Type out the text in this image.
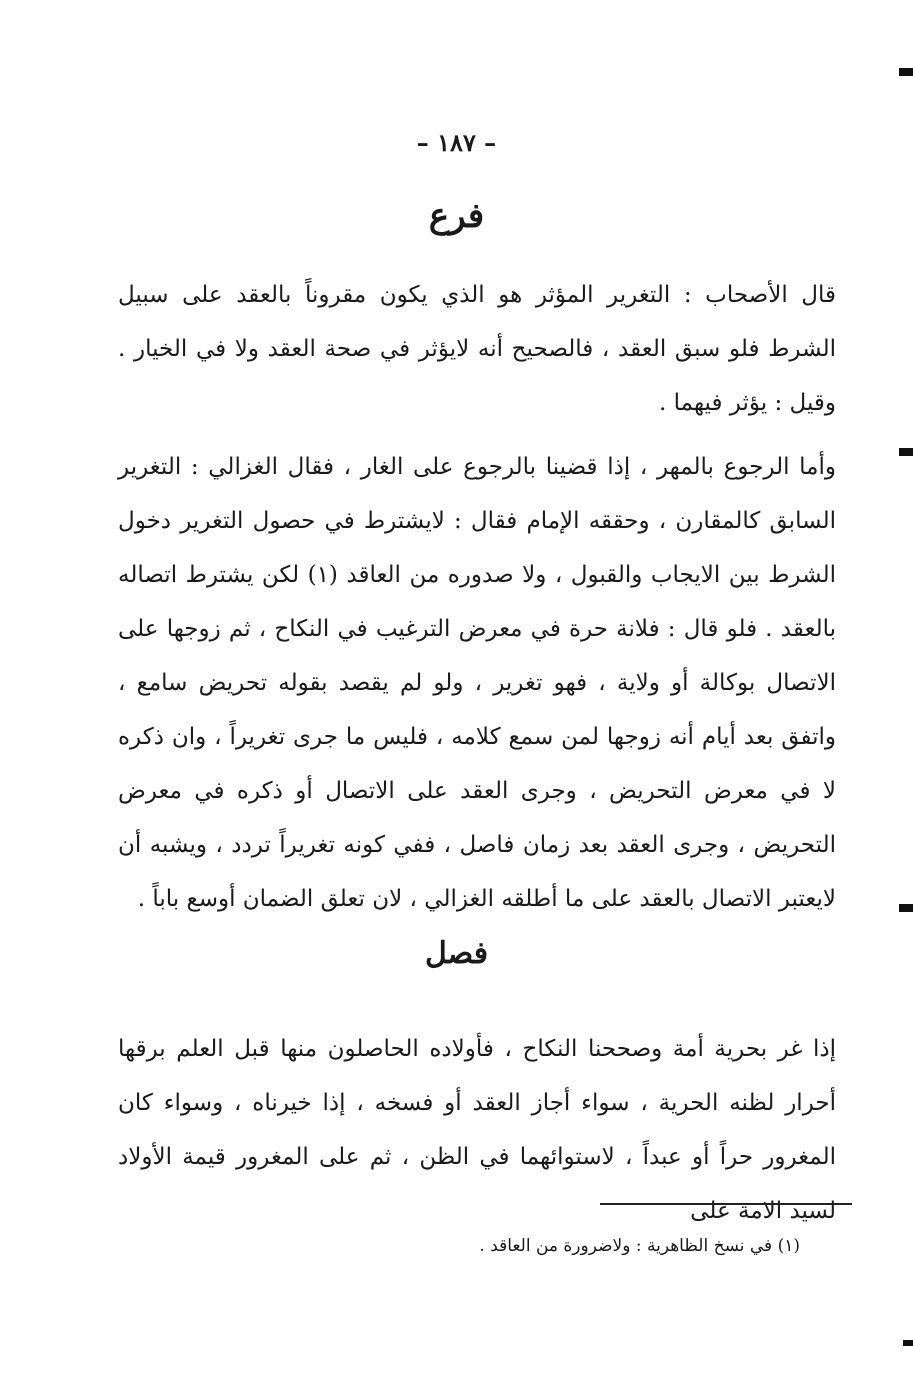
– ١٨٧ –
فرع
قال الأصحاب : التغرير المؤثر هو الذي يكون مقروناً بالعقد على سبيل الشرط فلو سبق العقد ، فالصحيح أنه لايؤثر في صحة العقد ولا في الخيار . وقيل : يؤثر فيهما .
وأما الرجوع بالمهر ، إذا قضينا بالرجوع على الغار ، فقال الغزالي : التغرير السابق كالمقارن ، وحققه الإمام فقال : لايشترط في حصول التغرير دخول الشرط بين الايجاب والقبول ، ولا صدوره من العاقد (١) لكن يشترط اتصاله بالعقد . فلو قال : فلانة حرة في معرض الترغيب في النكاح ، ثم زوجها على الاتصال بوكالة أو ولاية ، فهو تغرير ، ولو لم يقصد بقوله تحريض سامع ، واتفق بعد أيام أنه زوجها لمن سمع كلامه ، فليس ما جرى تغريراً ، وان ذكره لا في معرض التحريض ، وجرى العقد على الاتصال أو ذكره في معرض التحريض ، وجرى العقد بعد زمان فاصل ، ففي كونه تغريراً تردد ، ويشبه أن لايعتبر الاتصال بالعقد على ما أطلقه الغزالي ، لان تعلق الضمان أوسع باباً .
فصل
إذا غر بحرية أمة وصححنا النكاح ، فأولاده الحاصلون منها قبل العلم برقها أحرار لظنه الحرية ، سواء أجاز العقد أو فسخه ، إذا خيرناه ، وسواء كان المغرور حراً أو عبداً ، لاستوائهما في الظن ، ثم على المغرور قيمة الأولاد لسيد الامة على
(١) في نسخ الظاهرية : ولاضرورة من العاقد .
